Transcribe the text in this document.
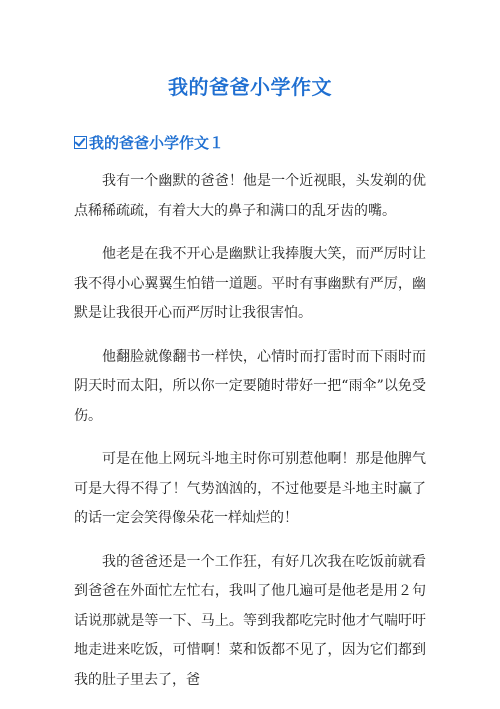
我的爸爸小学作文
我的爸爸小学作文１

我有一个幽默的爸爸！他是一个近视眼，头发剃的优点稀稀疏疏，有着大大的鼻子和满口的乱牙齿的嘴。

他老是在我不开心是幽默让我捧腹大笑，而严厉时让我不得小心翼翼生怕错一道题。平时有事幽默有严厉，幽默是让我很开心而严厉时让我很害怕。

他翻脸就像翻书一样快，心情时而打雷时而下雨时而阴天时而太阳，所以你一定要随时带好一把“雨伞”以免受伤。

可是在他上网玩斗地主时你可别惹他啊！那是他脾气可是大得不得了！气势汹汹的，不过他要是斗地主时赢了的话一定会笑得像朵花一样灿烂的！

我的爸爸还是一个工作狂，有好几次我在吃饭前就看到爸爸在外面忙左忙右，我叫了他几遍可是他老是用２句话说那就是等一下、马上。等到我都吃完时他才气喘吁吁地走进来吃饭，可惜啊！菜和饭都不见了，因为它们都到我的肚子里去了，爸
